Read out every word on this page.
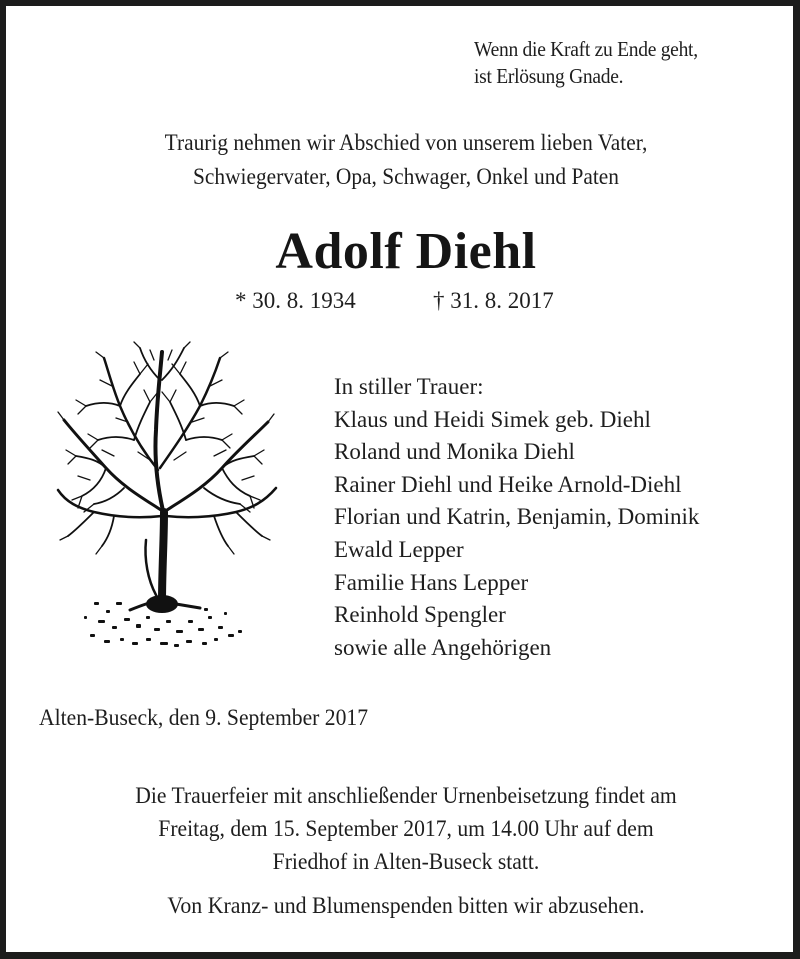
Wenn die Kraft zu Ende geht,
ist Erlösung Gnade.
Traurig nehmen wir Abschied von unserem lieben Vater,
Schwiegervater, Opa, Schwager, Onkel und Paten
Adolf Diehl
* 30. 8. 1934	† 31. 8. 2017
In stiller Trauer:
Klaus und Heidi Simek geb. Diehl
Roland und Monika Diehl
Rainer Diehl und Heike Arnold-Diehl
Florian und Katrin, Benjamin, Dominik
Ewald Lepper
Familie Hans Lepper
Reinhold Spengler
sowie alle Angehörigen
Alten-Buseck, den 9. September 2017
Die Trauerfeier mit anschließender Urnenbeisetzung findet am
Freitag, dem 15. September 2017, um 14.00 Uhr auf dem
Friedhof in Alten-Buseck statt.
Von Kranz- und Blumenspenden bitten wir abzusehen.
